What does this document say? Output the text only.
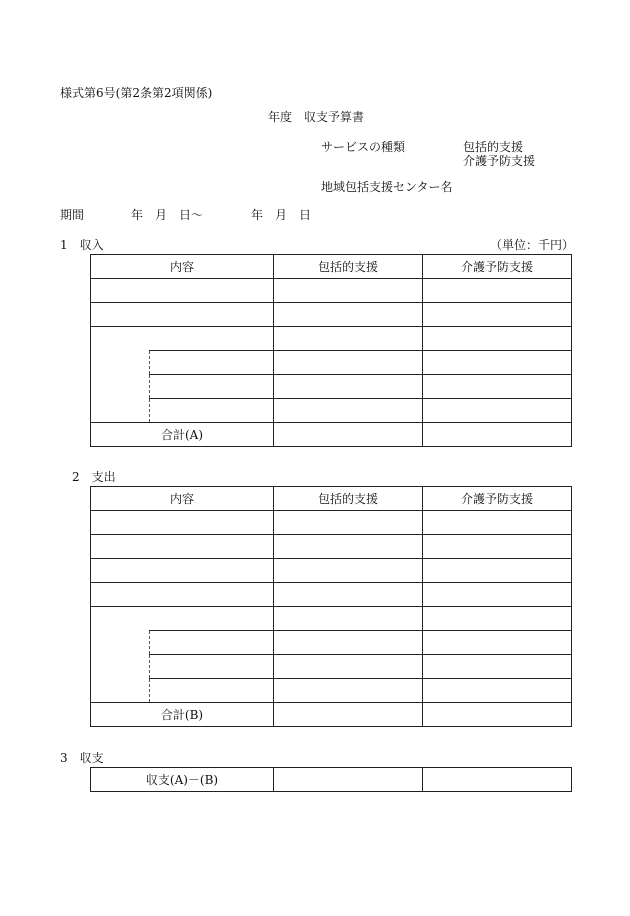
様式第6号(第2条第2項関係)
年度　収支予算書
サービスの種類	包括的支援
介護予防支援
地域包括支援センター名
期間	年　月　日〜	年　月　日
1　収入	（単位：千円）
内容		包括的支援	介護予防支援

合計(A)			
2　支出
内容		包括的支援	介護予防支援

合計(B)			
3　収支
収支(A)－(B)		
